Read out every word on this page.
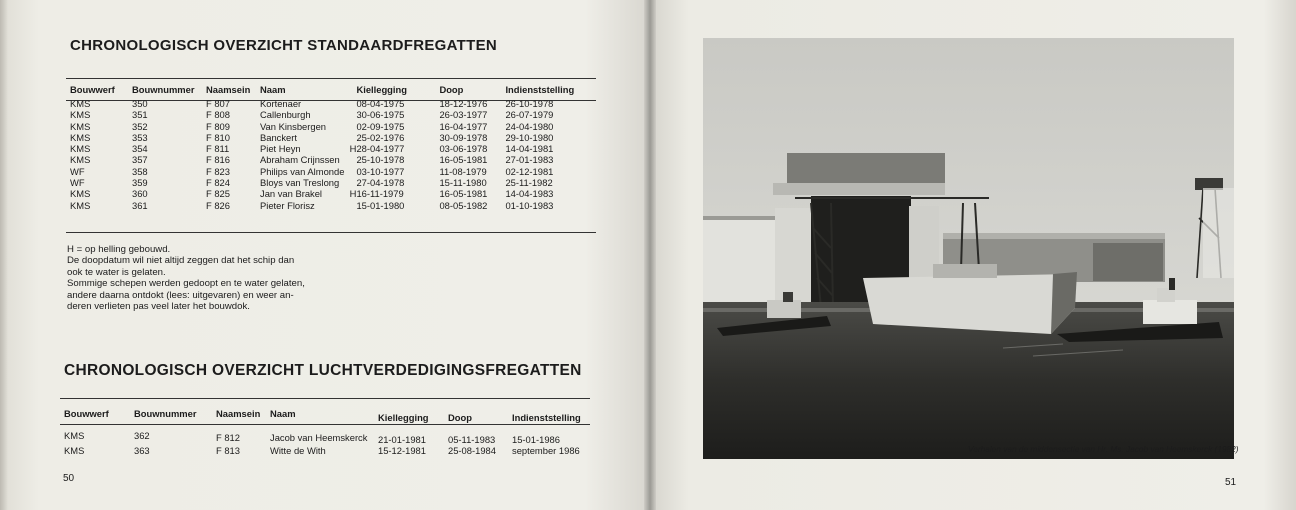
CHRONOLOGISCH OVERZICHT STANDAARDFREGATTEN
Bouwwerf	Bouwnummer	Naamsein	Naam		Kiellegging	Doop	Indienststelling
KMS	350	F 807	Kortenaer		08-04-1975	18-12-1976	26-10-1978
KMS	351	F 808	Callenburgh		30-06-1975	26-03-1977	26-07-1979
KMS	352	F 809	Van Kinsbergen		02-09-1975	16-04-1977	24-04-1980
KMS	353	F 810	Banckert		25-02-1976	30-09-1978	29-10-1980
KMS	354	F 811	Piet Heyn	H	28-04-1977	03-06-1978	14-04-1981
KMS	357	F 816	Abraham Crijnssen		25-10-1978	16-05-1981	27-01-1983
WF	358	F 823	Philips van Almonde		03-10-1977	11-08-1979	02-12-1981
WF	359	F 824	Bloys van Treslong		27-04-1978	15-11-1980	25-11-1982
KMS	360	F 825	Jan van Brakel	H	16-11-1979	16-05-1981	14-04-1983
KMS	361	F 826	Pieter Florisz		15-01-1980	08-05-1982	01-10-1983
H = op helling gebouwd.
De doopdatum wil niet altijd zeggen dat het schip dan
ook te water is gelaten.
Sommige schepen werden gedoopt en te water gelaten,
andere daarna ontdokt (lees: uitgevaren) en weer an-
deren verlieten pas veel later het bouwdok.
CHRONOLOGISCH OVERZICHT LUCHTVERDEDIGINGSFREGATTEN
Bouwwerf	Bouwnummer	Naamsein	Naam	Kiellegging	Doop	Indienststelling
KMS	362	F 812	Jacob van Heemskerck	21-01-1981	05-11-1983	15-01-1986
KMS	363	F 813	Witte de With	15-12-1981	25-08-1984	september 1986
50
Verhalen van de middensectie van Hr. Ms. Jacob van Heemskerck (1982)
51
